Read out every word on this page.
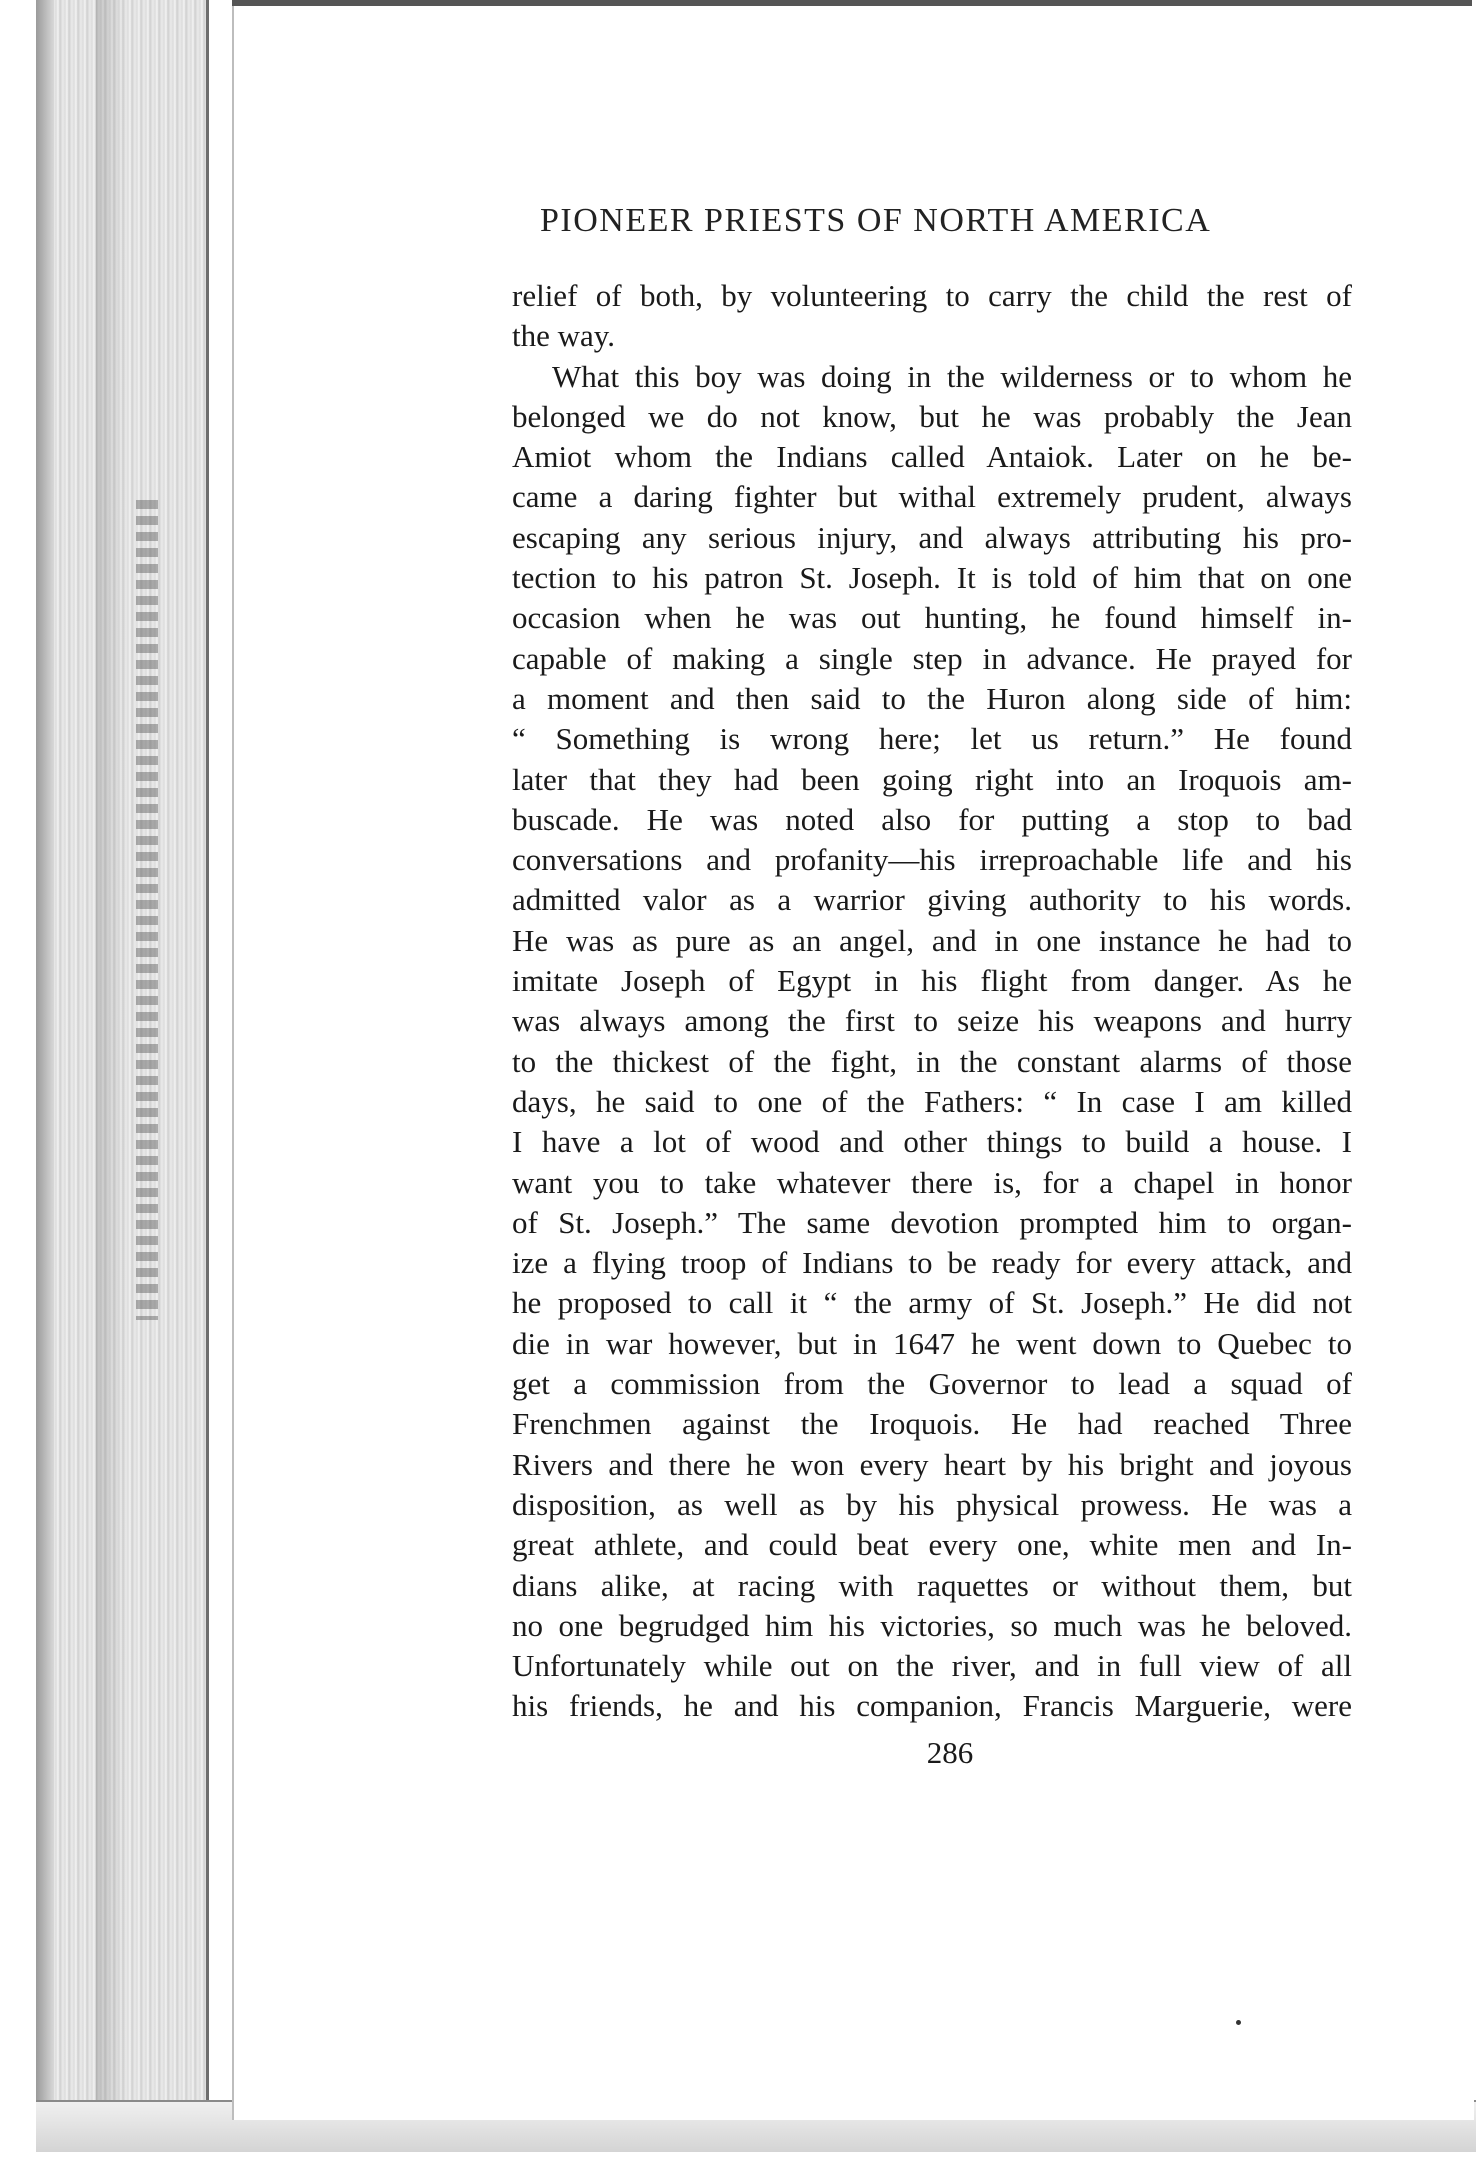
PIONEER PRIESTS OF NORTH AMERICA
relief of both, by volunteering to carry the child the rest of
the way.
What this boy was doing in the wilderness or to whom he
belonged we do not know, but he was probably the Jean
Amiot whom the Indians called Antaiok. Later on he be-
came a daring fighter but withal extremely prudent, always
escaping any serious injury, and always attributing his pro-
tection to his patron St. Joseph. It is told of him that on one
occasion when he was out hunting, he found himself in-
capable of making a single step in advance. He prayed for
a moment and then said to the Huron along side of him:
“ Something is wrong here; let us return.” He found
later that they had been going right into an Iroquois am-
buscade. He was noted also for putting a stop to bad
conversations and profanity—his irreproachable life and his
admitted valor as a warrior giving authority to his words.
He was as pure as an angel, and in one instance he had to
imitate Joseph of Egypt in his flight from danger. As he
was always among the first to seize his weapons and hurry
to the thickest of the fight, in the constant alarms of those
days, he said to one of the Fathers: “ In case I am killed
I have a lot of wood and other things to build a house. I
want you to take whatever there is, for a chapel in honor
of St. Joseph.” The same devotion prompted him to organ-
ize a flying troop of Indians to be ready for every attack, and
he proposed to call it “ the army of St. Joseph.” He did not
die in war however, but in 1647 he went down to Quebec to
get a commission from the Governor to lead a squad of
Frenchmen against the Iroquois. He had reached Three
Rivers and there he won every heart by his bright and joyous
disposition, as well as by his physical prowess. He was a
great athlete, and could beat every one, white men and In-
dians alike, at racing with raquettes or without them, but
no one begrudged him his victories, so much was he beloved.
Unfortunately while out on the river, and in full view of all
his friends, he and his companion, Francis Marguerie, were
286
